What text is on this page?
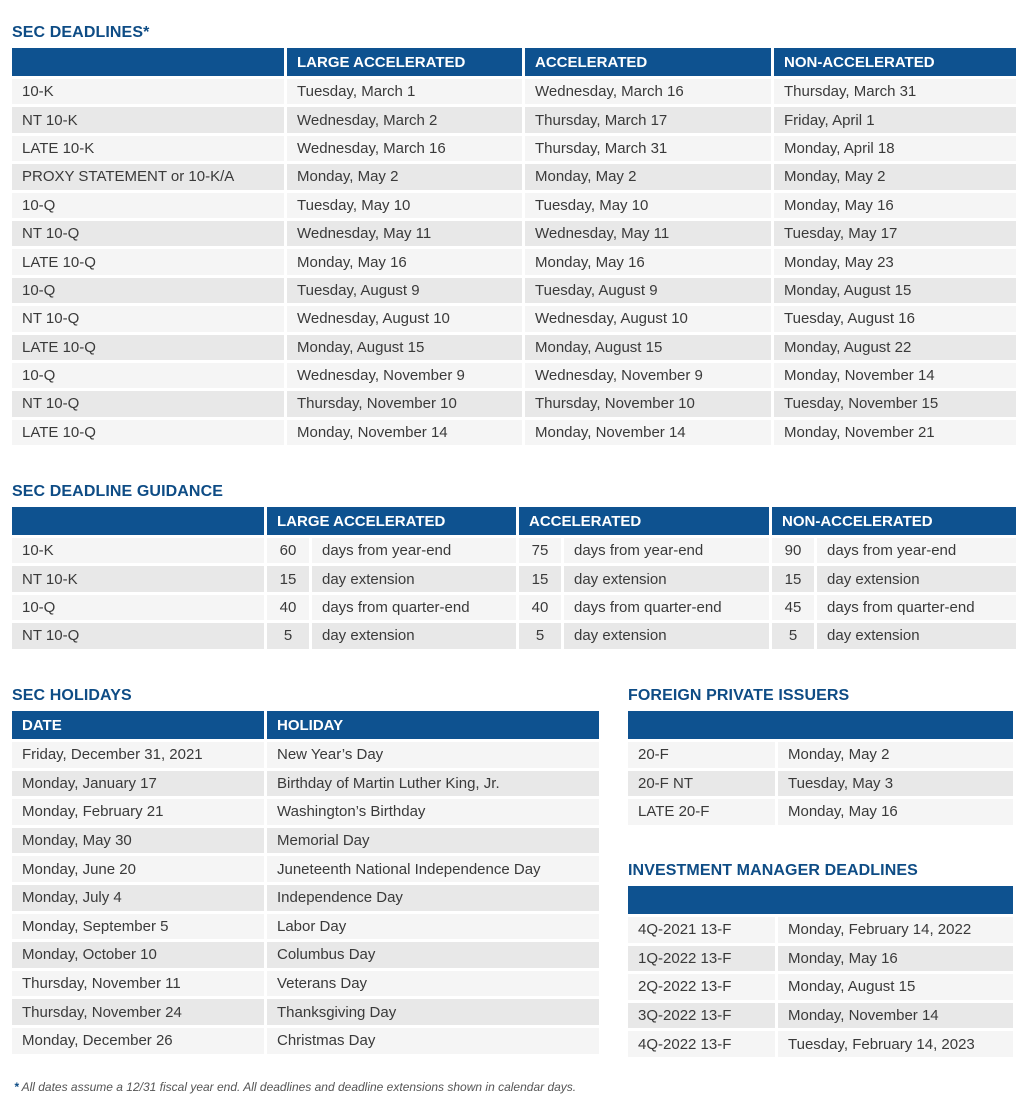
SEC DEADLINES*
	LARGE ACCELERATED	ACCELERATED	NON-ACCELERATED
10-K	Tuesday, March 1	Wednesday, March 16	Thursday, March 31
NT 10-K	Wednesday, March 2	Thursday, March 17	Friday, April 1
LATE 10-K	Wednesday, March 16	Thursday, March 31	Monday, April 18
PROXY STATEMENT or 10-K/A	Monday, May 2	Monday, May 2	Monday, May 2
10-Q	Tuesday, May 10	Tuesday, May 10	Monday, May 16
NT 10-Q	Wednesday, May 11	Wednesday, May 11	Tuesday, May 17
LATE 10-Q	Monday, May 16	Monday, May 16	Monday, May 23
10-Q	Tuesday, August 9	Tuesday, August 9	Monday, August 15
NT 10-Q	Wednesday, August 10	Wednesday, August 10	Tuesday, August 16
LATE 10-Q	Monday, August 15	Monday, August 15	Monday, August 22
10-Q	Wednesday, November 9	Wednesday, November 9	Monday, November 14
NT 10-Q	Thursday, November 10	Thursday, November 10	Tuesday, November 15
LATE 10-Q	Monday, November 14	Monday, November 14	Monday, November 21
SEC DEADLINE GUIDANCE
	LARGE ACCELERATED		ACCELERATED		NON-ACCELERATED	
10-K	60	days from year-end	75	days from year-end	90	days from year-end
NT 10-K	15	day extension	15	day extension	15	day extension
10-Q	40	days from quarter-end	40	days from quarter-end	45	days from quarter-end
NT 10-Q	5	day extension	5	day extension	5	day extension
SEC HOLIDAYS
DATE	HOLIDAY
Friday, December 31, 2021	New Year’s Day
Monday, January 17	Birthday of Martin Luther King, Jr.
Monday, February 21	Washington’s Birthday
Monday, May 30	Memorial Day
Monday, June 20	Juneteenth National Independence Day
Monday, July 4	Independence Day
Monday, September 5	Labor Day
Monday, October 10	Columbus Day
Thursday, November 11	Veterans Day
Thursday, November 24	Thanksgiving Day
Monday, December 26	Christmas Day
FOREIGN PRIVATE ISSUERS

20-F	Monday, May 2
20-F NT	Tuesday, May 3
LATE 20-F	Monday, May 16
INVESTMENT MANAGER DEADLINES

4Q-2021 13-F	Monday, February 14, 2022
1Q-2022 13-F	Monday, May 16
2Q-2022 13-F	Monday, August 15
3Q-2022 13-F	Monday, November 14
4Q-2022 13-F	Tuesday, February 14, 2023

* All dates assume a 12/31 fiscal year end. All deadlines and deadline extensions shown in calendar days.
